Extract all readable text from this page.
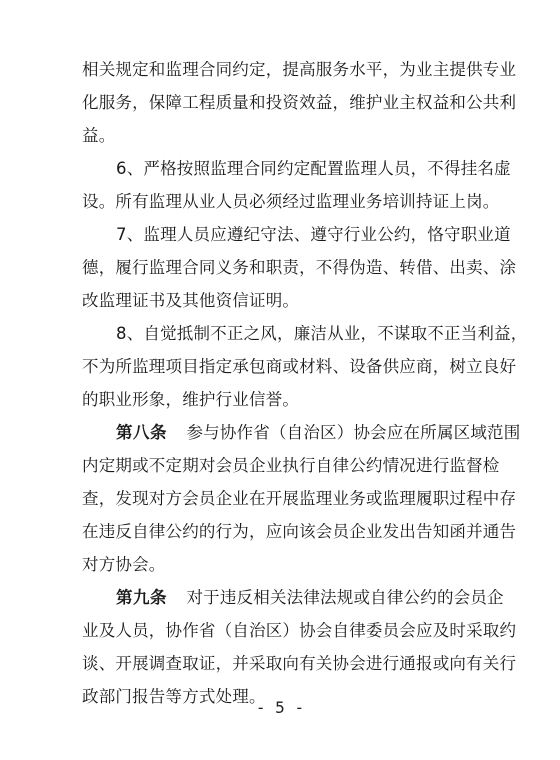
相关规定和监理合同约定，提高服务水平，为业主提供专业
化服务，保障工程质量和投资效益，维护业主权益和公共利
益。
6、严格按照监理合同约定配置监理人员，不得挂名虚
设。所有监理从业人员必须经过监理业务培训持证上岗。
7、监理人员应遵纪守法、遵守行业公约，恪守职业道
德，履行监理合同义务和职责，不得伪造、转借、出卖、涂
改监理证书及其他资信证明。
8、自觉抵制不正之风，廉洁从业，不谋取不正当利益，
不为所监理项目指定承包商或材料、设备供应商，树立良好
的职业形象，维护行业信誉。
第八条 参与协作省（自治区）协会应在所属区域范围
内定期或不定期对会员企业执行自律公约情况进行监督检
查，发现对方会员企业在开展监理业务或监理履职过程中存
在违反自律公约的行为，应向该会员企业发出告知函并通告
对方协会。
第九条 对于违反相关法律法规或自律公约的会员企
业及人员，协作省（自治区）协会自律委员会应及时采取约
谈、开展调查取证，并采取向有关协会进行通报或向有关行
政部门报告等方式处理。
- 5 -
